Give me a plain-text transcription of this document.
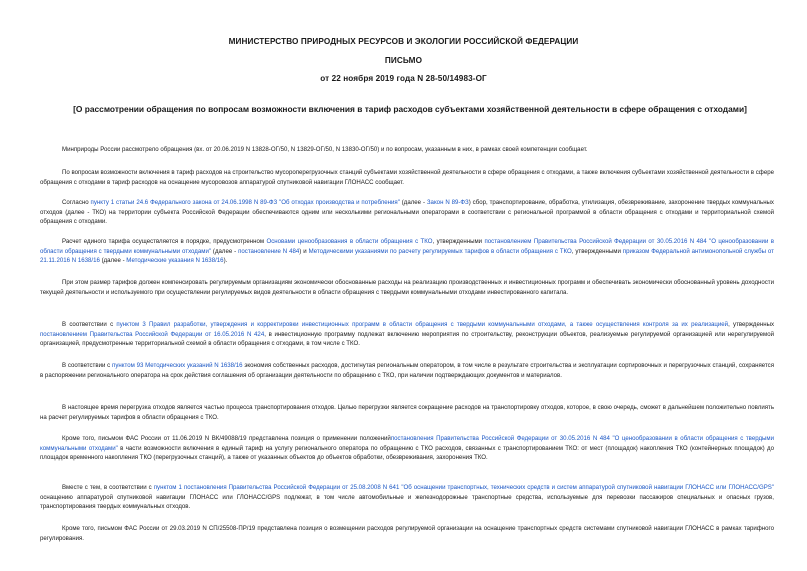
МИНИСТЕРСТВО ПРИРОДНЫХ РЕСУРСОВ И ЭКОЛОГИИ РОССИЙСКОЙ ФЕДЕРАЦИИ
ПИСЬМО
от 22 ноября 2019 года N 28-50/14983-ОГ
[О рассмотрении обращения по вопросам возможности включения в тариф расходов субъектами хозяйственной деятельности в сфере обращения с отходами]

Минприроды России рассмотрело обращения (вх. от 20.06.2019 N 13828-ОГ/50, N 13829-ОГ/50, N 13830-ОГ/50) и по вопросам, указанным в них, в рамках своей компетенции сообщает.

По вопросам возможности включения в тариф расходов на строительство мусороперегрузочных станций субъектами хозяйственной деятельности в сфере обращения с отходами, а также включения субъектами хозяйственной деятельности в сфере обращения с отходами в тариф расходов на оснащение мусоровозов аппаратурой спутниковой навигации ГЛОНАСС сообщает.

Согласно пункту 1 статьи 24.6 Федерального закона от 24.06.1998 N 89-ФЗ "Об отходах производства и потребления" (далее - Закон N 89-ФЗ) сбор, транспортирование, обработка, утилизация, обезвреживание, захоронение твердых коммунальных отходов (далее - ТКО) на территории субъекта Российской Федерации обеспечиваются одним или несколькими региональными операторами в соответствии с региональной программой в области обращения с отходами и территориальной схемой обращения с отходами.

Расчет единого тарифа осуществляется в порядке, предусмотренном Основами ценообразования в области обращения с ТКО, утвержденными постановлением Правительства Российской Федерации от 30.05.2016 N 484 "О ценообразовании в области обращения с твердыми коммунальными отходами" (далее - постановление N 484) и Методическими указаниями по расчету регулируемых тарифов в области обращения с ТКО, утвержденными приказом Федеральной антимонопольной службы от 21.11.2016 N 1638/16 (далее - Методические указания N 1638/16).

При этом размер тарифов должен компенсировать регулируемым организациям экономически обоснованные расходы на реализацию производственных и инвестиционных программ и обеспечивать экономически обоснованный уровень доходности текущей деятельности и используемого при осуществлении регулируемых видов деятельности в области обращения с твердыми коммунальными отходами инвестированного капитала.

В соответствии с пунктом 3 Правил разработки, утверждения и корректировки инвестиционных программ в области обращения с твердыми коммунальными отходами, а также осуществления контроля за их реализацией, утвержденных постановлением Правительства Российской Федерации от 16.05.2016 N 424, в инвестиционную программу подлежат включению мероприятия по строительству, реконструкции объектов, реализуемые регулируемой организацией или нерегулируемой организацией, предусмотренные территориальной схемой в области обращения с отходами, в том числе с ТКО.

В соответствии с пунктом 93 Методических указаний N 1638/16 экономия собственных расходов, достигнутая региональным оператором, в том числе в результате строительства и эксплуатации сортировочных и перегрузочных станций, сохраняется в распоряжении регионального оператора на срок действия соглашения об организации деятельности по обращению с ТКО, при наличии подтверждающих документов и материалов.

В настоящее время перегрузка отходов является частью процесса транспортирования отходов. Целью перегрузки является сокращение расходов на транспортировку отходов, которое, в свою очередь, сможет в дальнейшем положительно повлиять на расчет регулируемых тарифов в области обращения с ТКО.

Кроме того, письмом ФАС России от 11.06.2019 N ВК/49088/19 представлена позиция о применении положенийпостановления Правительства Российской Федерации от 30.05.2016 N 484 "О ценообразовании в области обращения с твердыми коммунальными отходами" в части возможности включения в единый тариф на услугу регионального оператора по обращению с ТКО расходов, связанных с транспортированием ТКО: от мест (площадок) накопления ТКО (контейнерных площадок) до площадок временного накопления ТКО (перегрузочных станций), а также от указанных объектов до объектов обработки, обезвреживания, захоронения ТКО.

Вместе с тем, в соответствии с пунктом 1 постановления Правительства Российской Федерации от 25.08.2008 N 641 "Об оснащении транспортных, технических средств и систем аппаратурой спутниковой навигации ГЛОНАСС или ГЛОНАСС/GPS" оснащению аппаратурой спутниковой навигации ГЛОНАСС или ГЛОНАСС/GPS подлежат, в том числе автомобильные и железнодорожные транспортные средства, используемые для перевозки пассажиров специальных и опасных грузов, транспортирования твердых коммунальных отходов.

Кроме того, письмом ФАС России от 29.03.2019 N СП/25508-ПР/19 представлена позиция о возмещении расходов регулируемой организации на оснащение транспортных средств системами спутниковой навигации ГЛОНАСС в рамках тарифного регулирования.
